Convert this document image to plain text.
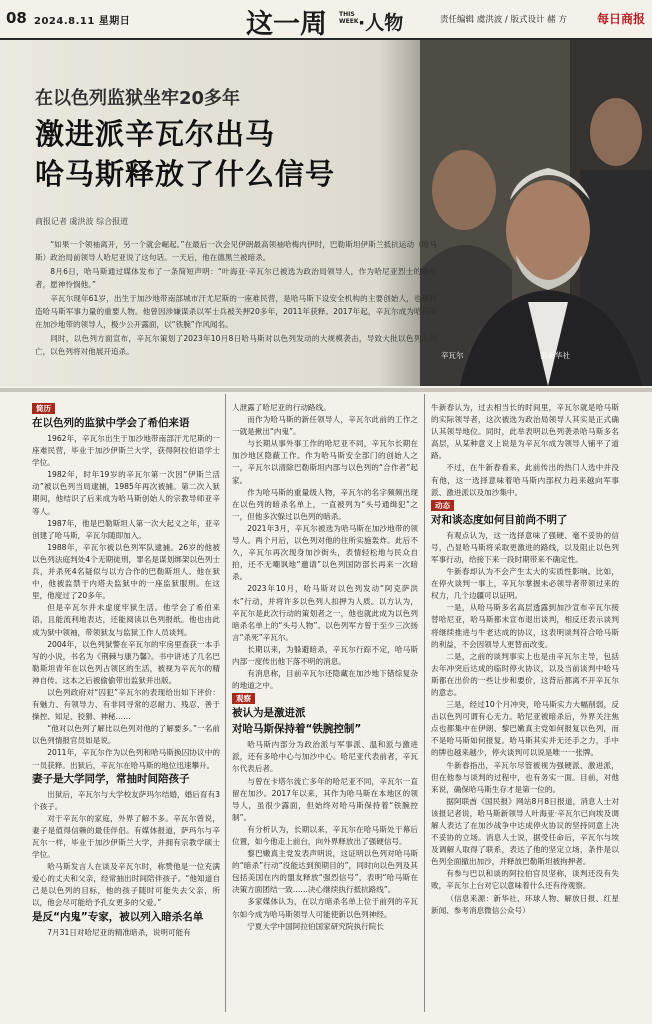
08 2024.8.11 星期日	这一周 THIS WEEK ·人物	责任编辑 虞洪波 / 版式设计 赭 方	每日商报
在以色列监狱坐牢20多年
激进派辛瓦尔出马
哈马斯释放了什么信号
商报记者 虞洪波 综合报道

“如果一个领袖离开，另一个就会崛起。”在最后一次会见伊朗最高领袖哈梅内伊时，巴勒斯坦伊斯兰抵抗运动（哈马斯）政治局前领导人哈尼亚说了这句话。一天后，他在德黑兰被暗杀。

8月6日，哈马斯通过媒体发布了一条简短声明：“叶海亚·辛瓦尔已被选为政治局领导人，作为哈尼亚烈士的继任者，愿神怜悯他。”

辛瓦尔现年61岁，出生于加沙地带南部城市汗尤尼斯的一座难民营，是哈马斯下设安全机构的主要创始人，也是打造哈马斯军事力量的重要人物。他曾因涉嫌谋杀以军士兵被关押20多年，2011年获释。2017年起，辛瓦尔成为哈马斯在加沙地带的领导人，极少公开露面，以“铁腕”作风闻名。

同时，以色列方面宣布，辛瓦尔策划了2023年10月8日哈马斯对以色列发动的大规模袭击，导致大批以色列人伤亡，以色列将对他展开追杀。	辛瓦尔	据新华社
简历
在以色列的监狱中学会了希伯来语

1962年，辛瓦尔出生于加沙地带南部汗尤尼斯的一座难民营，毕业于加沙伊斯兰大学，获得阿拉伯语学士学位。

1982年，时年19岁的辛瓦尔第一次因“伊斯兰活动”被以色列当局逮捕，1985年再次被捕。第二次入狱期间，他结识了后来成为哈马斯创始人的宗教导师亚辛等人。

1987年，他是巴勒斯坦人第一次大起义之年，亚辛创建了哈马斯，辛瓦尔随即加入。

1988年，辛瓦尔被以色列军队逮捕。26岁的他被以色列法庭判处4个无期徒刑，罪名是谋划绑架以色列士兵，并杀死4名疑似与以方合作的巴勒斯坦人。他在狱中，他被监禁于内塔夫监狱中的一座监狱服刑。在这里，他度过了20多年。

但是辛瓦尔并未虚度牢狱生活。他学会了希伯来语，且能流利地表达，还能阅读以色列报纸。他也由此成为狱中领袖，带领狱友与监狱工作人员谈判。

2004年，以色列狱警在辛瓦尔的牢房里查获一本手写的小说，书名为《荆棘与康乃馨》。书中讲述了几名巴勒斯坦青年在以色列占领区的生活，被视为辛瓦尔的精神自传。这本之后被偷偷带出监狱并出版。

以色列政府对“囚犯”辛瓦尔的表现给出如下评价：有魅力、有领导力、有非同寻常的忍耐力、残忍、善于操控、知足、狡猾、神秘……

“他对以色列了解比以色列对他的了解要多。”一名前以色列情报官员如是说。

2011年，辛瓦尔作为以色列和哈马斯换囚协议中的一员获释。出狱后，辛瓦尔在哈马斯的地位迅速攀升。

妻子是大学同学，常抽时间陪孩子

出狱后，辛瓦尔与大学校友萨玛尔结婚，婚后育有3个孩子。

对于辛瓦尔的家庭，外界了解不多。辛瓦尔曾说，妻子是值得信赖的最佳伴侣。有媒体报道，萨玛尔与辛瓦尔一样，毕业于加沙伊斯兰大学，并拥有宗教学硕士学位。

哈马斯发言人在谈及辛瓦尔时，称赞他是一位充满爱心的丈夫和父亲，经常抽出时间陪伴孩子。“他知道自己是以色列的目标，他的孩子随时可能失去父亲，所以，他会尽可能给予孔女更多的父爱。”

是反“内鬼”专家，被以列入暗杀名单

7月31日对哈尼亚的精准暗杀，说明可能有

人泄露了哈尼亚的行动路线。

而作为哈马斯的新任领导人，辛瓦尔此前的工作之一就是揪出“内鬼”。

与长期从事外事工作的哈尼亚不同，辛瓦尔长期在加沙地区隐蔽工作。作为哈马斯安全部门的创始人之一，辛瓦尔以清除巴勒斯坦内部与以色列的“合作者”起家。

作为哈马斯的重量级人物，辛瓦尔的名字频频出现在以色列的暗杀名单上，一直被列为“头号通缉犯”之一，但他多次躲过以色列的暗杀。

2021年3月，辛瓦尔被选为哈马斯在加沙地带的领导人。两个月后，以色列对他的住所实施轰炸。此后不久，辛瓦尔再次现身加沙街头，表情轻松地与民众自拍，还不无嘲讽地“邀请”以色列国防部长再来一次暗杀。

2023年10月，哈马斯对以色列发动“阿克萨洪水”行动，并将许多以色列人扣押为人质。以方认为，辛瓦尔是此次行动的策划者之一，他也就此成为以色列暗杀名单上的“头号人物”。以色列军方曾于至少三次扬言“杀死”辛瓦尔。

长期以来，为躲避暗杀，辛瓦尔行踪不定，哈马斯内部一度传出他下落不明的消息。

有消息称，目前辛瓦尔还隐藏在加沙地下错综复杂的地道之中。

观察
被认为是激进派
对哈马斯保持着“铁腕控制”

哈马斯内部分为政治派与军事派、温和派与激进派，还有多哈中心与加沙中心。哈尼亚代表前者，辛瓦尔代表后者。

与曾在卡塔尔流亡多年的哈尼亚不同，辛瓦尔一直留在加沙。2017年以来，其作为哈马斯在本地区的领导人，虽很少露面，但始终对哈马斯保持着“铁腕控制”。

有分析认为，长期以来，辛瓦尔在哈马斯处于幕后位置，如今他走上前台，向外界释放出了强硬信号。

黎巴嫩真主党发表声明说，这证明以色列对哈马斯的“暗杀”行动“没能达到预期目的”，同时向以色列及其包括美国在内的盟友释放“强烈信号”，表明“哈马斯在决策方面团结一致……决心继续执行抵抗路线”。

多家媒体认为，在以方暗杀名单上位于前列的辛瓦尔如今成为哈马斯领导人可能使新以色列神经。

宁夏大学中国阿拉伯国家研究院执行院长

牛新春认为，过去相当长的时间里，辛瓦尔就是哈马斯的实际领导者，这次被选为政治局领导人其实是正式确认其领导地位。同时，此举表明以色列袭杀哈马斯多名高层，从某种意义上说是为辛瓦尔成为领导人铺平了道路。

不过，在牛新春看来，此前传出的热门人选中并没有他，这一选择意味着哈马斯内部权力趋来越向军事派、激进派以及加沙集中。

动态
对和谈态度如何目前尚不明了

有观点认为，这一选择意味了强硬、毫不妥协的信号，凸显哈马斯将采取更激进的路线，以及阻止以色列军事行动，给接下来一段时期带来不确定性。

牛新春却认为不会产生太大的实质性影响。比如，在停火谈判一事上，辛瓦尔掌握未必领导者带领过来的权力，几个边疆可以证明。

一是，从哈马斯多名高层透露到加沙宣布辛瓦尔接替哈尼亚，哈马斯都未宣布退出谈判，相反还表示谈判将继续推进与牛老达成的协议，这表明谈判符合哈马斯的利益，不会因领导人更替而改变。

二是，之前的谈判事实上也是由辛瓦尔主导，包括去年冲突后达成的临时停火协议，以及当前谈判中哈马斯都在出价的一些让步和要价，这背后都离不开辛瓦尔的意志。

三是，经过10个月冲突，哈马斯实力大幅削弱，反击以色列可谓有心无力。哈尼亚被暗杀后，外界关注焦点也都集中在伊朗、黎巴嫩真主党如何报复以色列，而不是哈马斯如何报复。哈马斯其实并无还手之力，手中的牌也越来越少，停火谈判可以说是唯一一张牌。

牛新春指出，辛瓦尔尽管被视为强硬派、激进派，但在他参与谈判的过程中，也有务实一面。目前，对他来说，确保哈马斯生存才是第一位的。

据阿联酋《国民报》网站8月8日报道，消息人士对该报记者说，哈马斯新领导人叶海亚·辛瓦尔已向埃及调解人表达了在加沙战争中达成停火协议的坚持同意上决不妥协的立场。消息人士说，据受任命后，辛瓦尔与埃及调解人取得了联系，表达了他的坚定立场，条件是以色列全面撤出加沙，并释放巴勒斯坦被拘押者。

有参与巴以和谈的阿拉伯官员坚称，谈判还没有失败，辛瓦尔上台对它以意味着什么还有待观察。

（信息来源：新华社、环球人物、解放日报、红星新闻、参考消息微信公众号）
